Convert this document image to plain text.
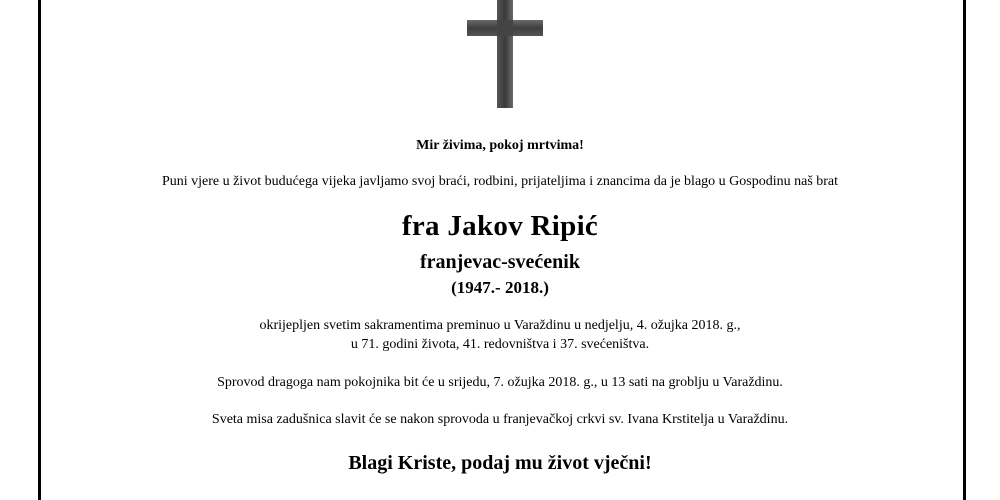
Mir živima, pokoj mrtvima!
Puni vjere u život budućega vijeka javljamo svoj braći, rodbini, prijateljima i znancima da je blago u Gospodinu naš brat
fra Jakov Ripić
franjevac-svećenik
(1947.- 2018.)
okrijepljen svetim sakramentima preminuo u Varaždinu u nedjelju, 4. ožujka 2018. g.,
u 71. godini života, 41. redovništva i 37. svećeništva.
Sprovod dragoga nam pokojnika bit će u srijedu, 7. ožujka 2018. g., u 13 sati na groblju u Varaždinu.
Sveta misa zadušnica slavit će se nakon sprovoda u franjevačkoj crkvi sv. Ivana Krstitelja u Varaždinu.
Blagi Kriste, podaj mu život vječni!
